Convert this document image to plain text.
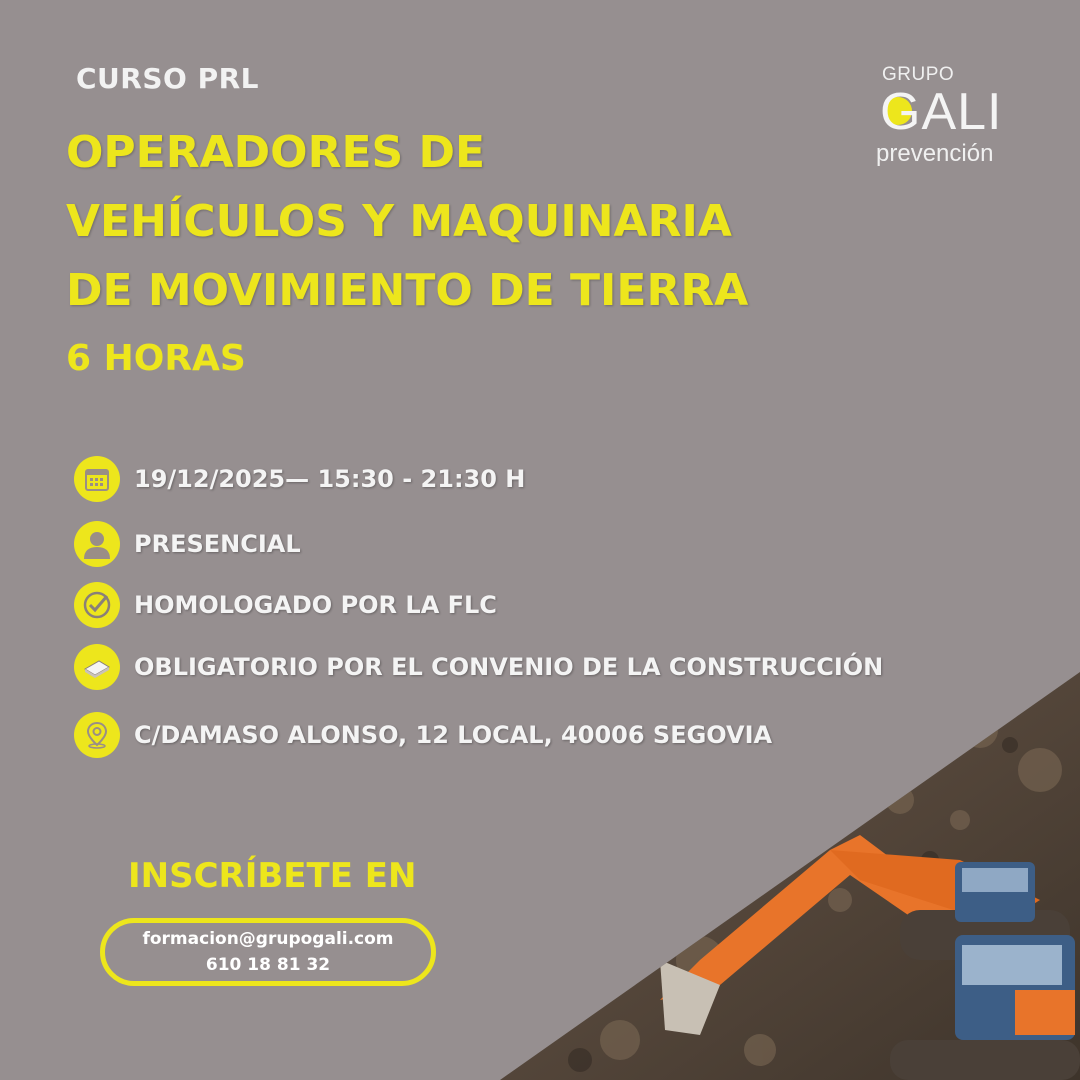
CURSO PRL
OPERADORES DE
VEHÍCULOS Y MAQUINARIA
DE MOVIMIENTO DE TIERRA
6 HORAS
GRUPO
GALI
prevención
19/12/2025— 15:30 - 21:30 H
PRESENCIAL
HOMOLOGADO POR LA FLC
OBLIGATORIO POR EL CONVENIO DE LA CONSTRUCCIÓN
C/DAMASO ALONSO, 12 LOCAL, 40006 SEGOVIA
INSCRÍBETE EN
formacion@grupogali.com
610 18 81 32
